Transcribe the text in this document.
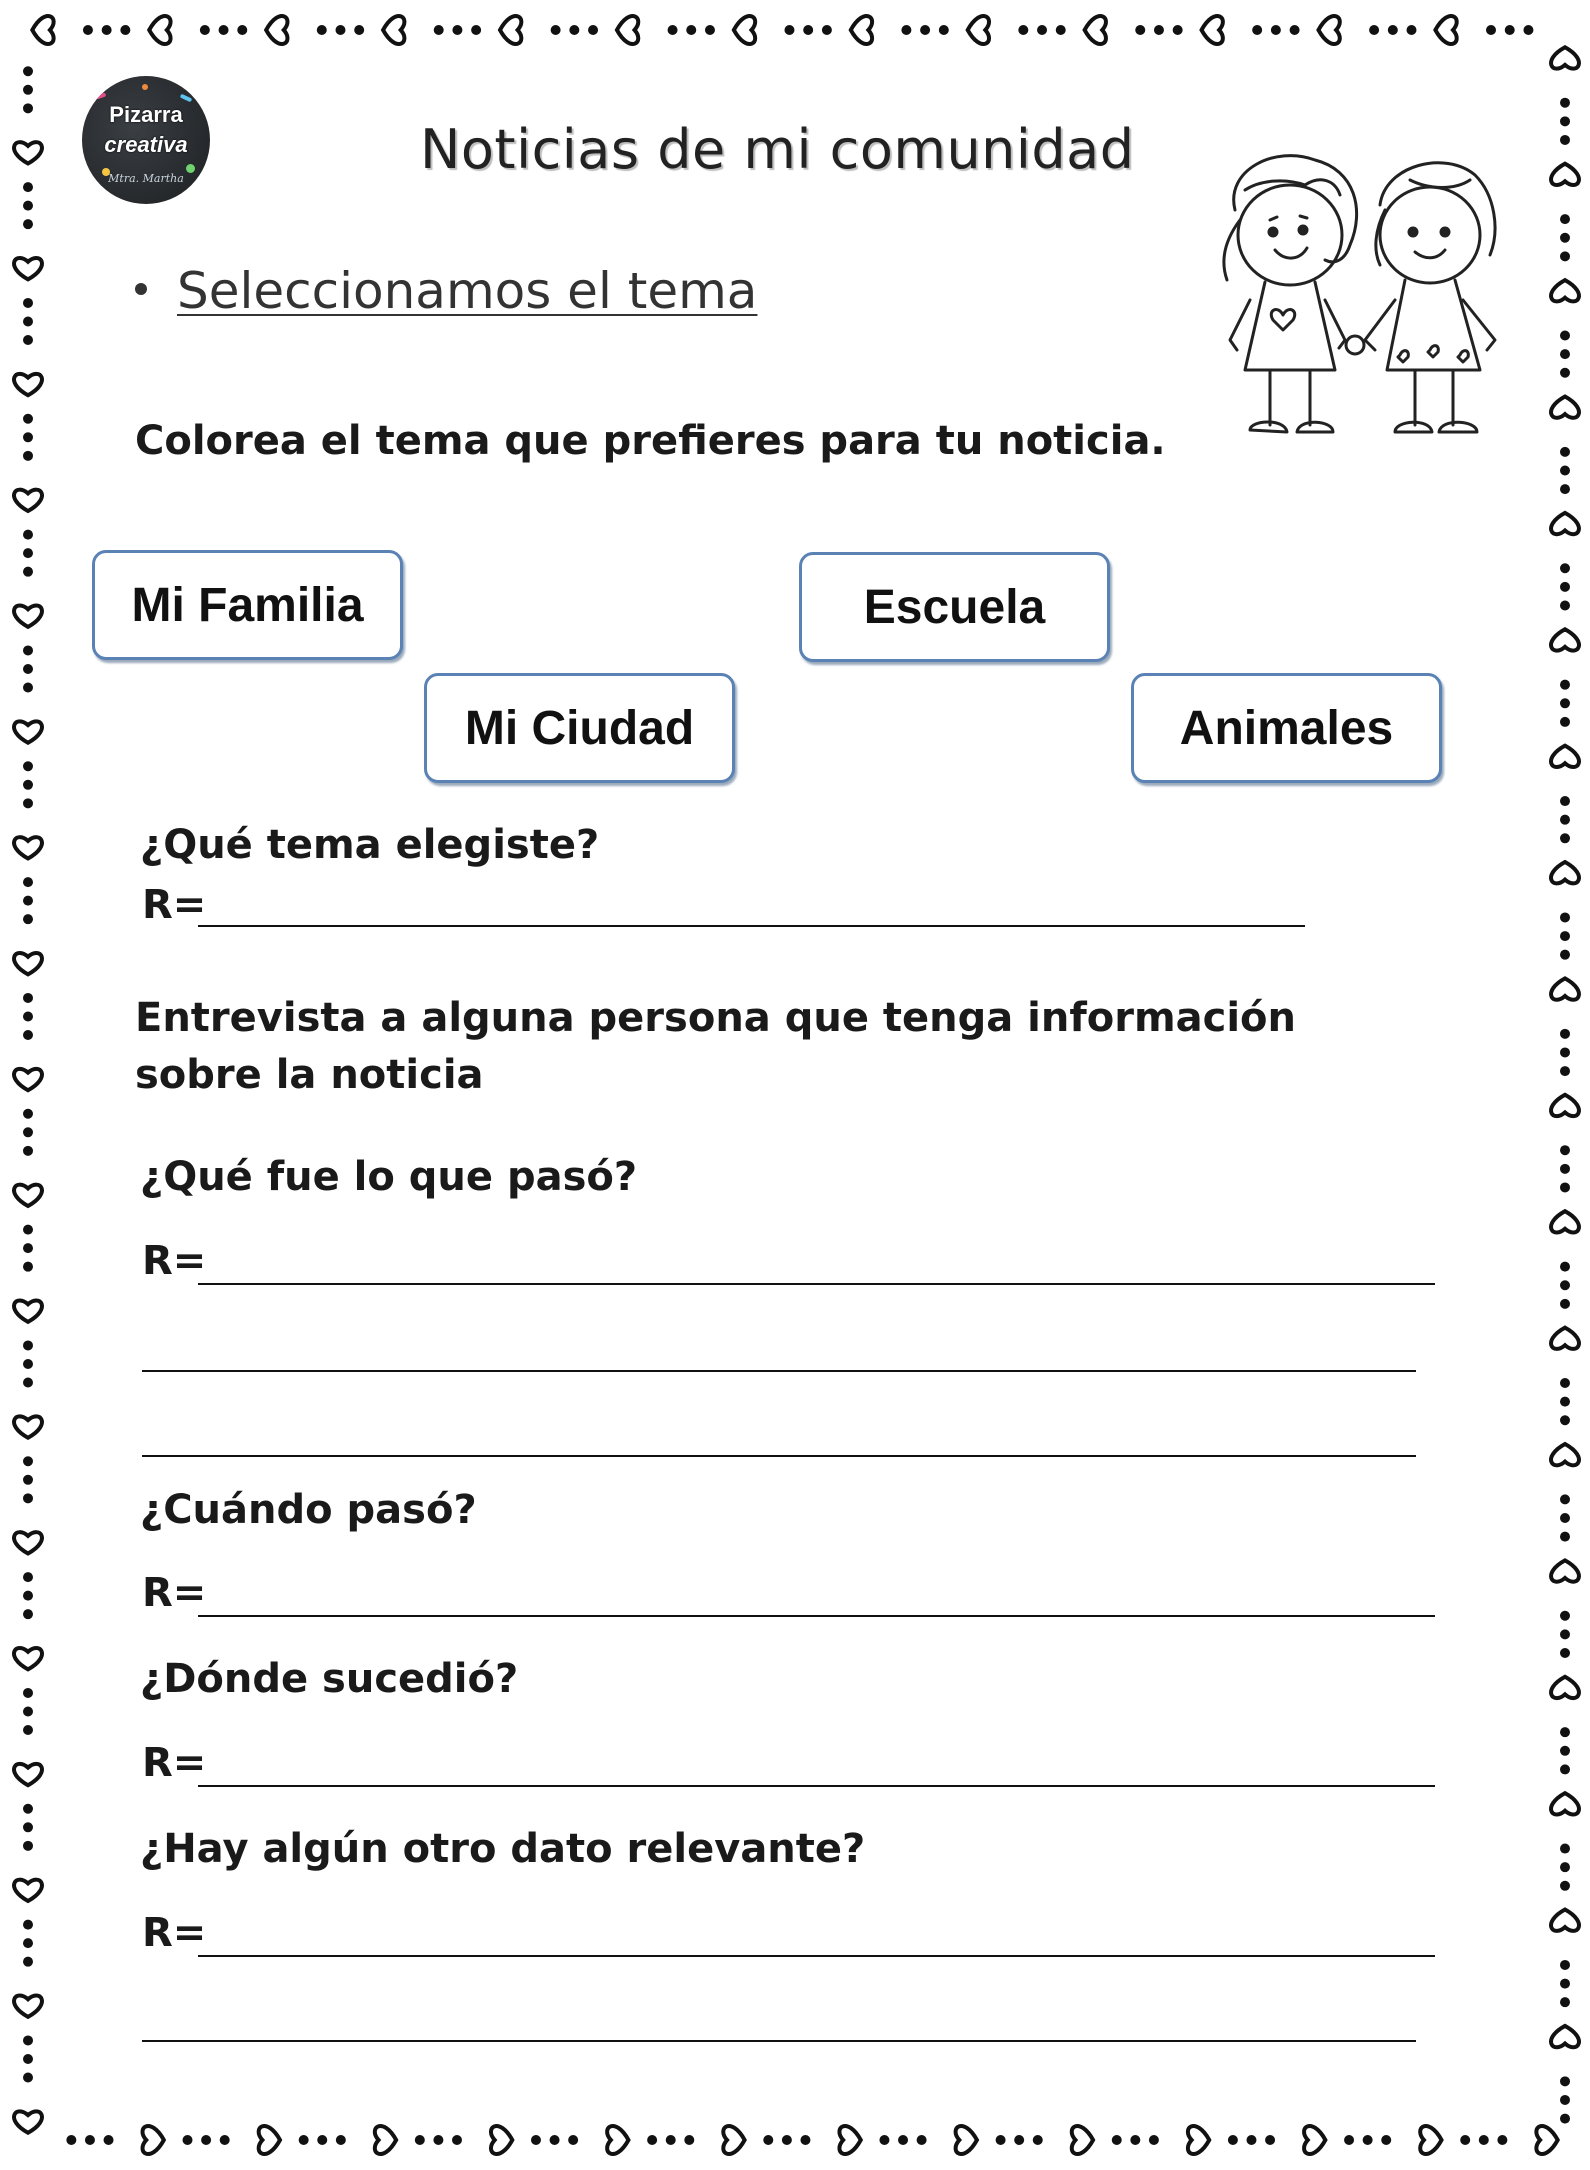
Pizarra
creativa
Mtra. Martha	Noticias de mi comunidad
Seleccionamos el tema
Colorea el tema que prefieres para tu noticia.
Mi Familia
Mi Ciudad
Escuela
Animales
¿Qué tema elegiste?
R=
Entrevista a alguna persona que tenga información
sobre la noticia
¿Qué fue lo que pasó?
R=
¿Cuándo pasó?
R=
¿Dónde sucedió?
R=
¿Hay algún otro dato relevante?
R=
